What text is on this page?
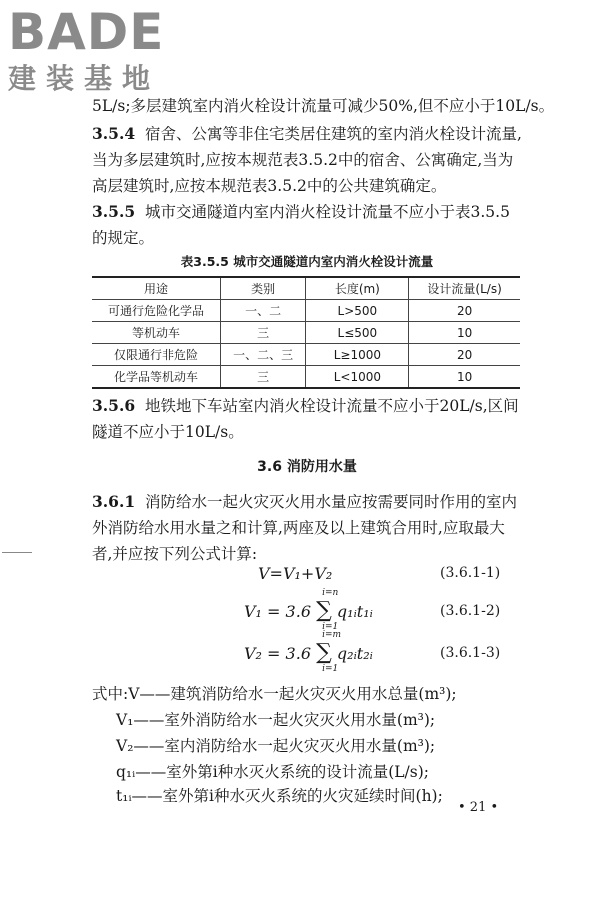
BADE
建装基地
5L/s;多层建筑室内消火栓设计流量可减少50%,但不应小于10L/s。
3.5.4 宿舍、公寓等非住宅类居住建筑的室内消火栓设计流量,
当为多层建筑时,应按本规范表3.5.2中的宿舍、公寓确定,当为
高层建筑时,应按本规范表3.5.2中的公共建筑确定。
3.5.5 城市交通隧道内室内消火栓设计流量不应小于表3.5.5
的规定。
表3.5.5 城市交通隧道内室内消火栓设计流量
用途	类别	长度(m)	设计流量(L/s)
可通行危险化学品	一、二	L>500	20
等机动车	三	L≤500	10
仅限通行非危险	一、二、三	L≥1000	20
化学品等机动车	三	L<1000	10
3.5.6 地铁地下车站室内消火栓设计流量不应小于20L/s,区间
隧道不应小于10L/s。
3.6 消防用水量
3.6.1 消防给水一起火灾灭火用水量应按需要同时作用的室内
外消防给水用水量之和计算,两座及以上建筑合用时,应取最大
者,并应按下列公式计算:
V=V₁+V₂	(3.6.1-1)
V₁ = 3.6 ∑
i=n
i=1
q₁ᵢt₁ᵢ	(3.6.1-2)
V₂ = 3.6 ∑
i=m
i=1
q₂ᵢt₂ᵢ	(3.6.1-3)
式中:V——建筑消防给水一起火灾灭火用水总量(m³);
V₁——室外消防给水一起火灾灭火用水量(m³);
V₂——室内消防给水一起火灾灭火用水量(m³);
q₁ᵢ——室外第i种水灭火系统的设计流量(L/s);
t₁ᵢ——室外第i种水灭火系统的火灾延续时间(h);
• 21 •
